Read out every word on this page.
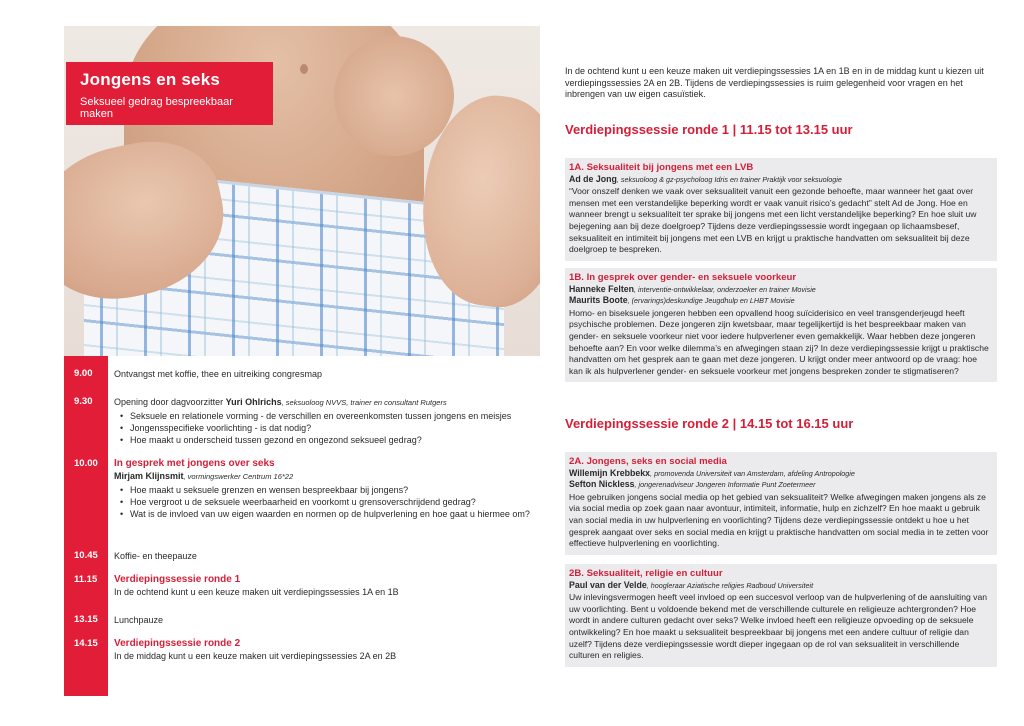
Jongens en seks

Seksueel gedrag bespreekbaar maken

9.00	Ontvangst met koffie, thee en uitreiking congresmap
9.30	Opening door dagvoorzitter Yuri Ohlrichs, seksuoloog NVVS, trainer en consultant Rutgers
• Seksuele en relationele vorming - de verschillen en overeenkomsten tussen jongens en meisjes
• Jongensspecifieke voorlichting - is dat nodig?
• Hoe maakt u onderscheid tussen gezond en ongezond seksueel gedrag?
10.00	In gesprek met jongens over seks
Mirjam Klijnsmit, vormingswerker Centrum 16*22
• Hoe maakt u seksuele grenzen en wensen bespreekbaar bij jongens?
• Hoe vergroot u de seksuele weerbaarheid en voorkomt u grensoverschrijdend gedrag?
• Wat is de invloed van uw eigen waarden en normen op de hulpverlening en hoe gaat u hiermee om?
10.45	Koffie- en theepauze
11.15	Verdiepingssessie ronde 1
In de ochtend kunt u een keuze maken uit verdiepingssessies 1A en 1B
13.15	Lunchpauze
14.15	Verdiepingssessie ronde 2
In de middag kunt u een keuze maken uit verdiepingssessies 2A en 2B

In de ochtend kunt u een keuze maken uit verdiepingssessies 1A en 1B en in de middag kunt u kiezen uit verdiepingssessies 2A en 2B. Tijdens de verdiepingssessies is ruim gelegenheid voor vragen en het inbrengen van uw eigen casuïstiek.

Verdiepingssessie ronde 1 | 11.15 tot 13.15 uur
1A. Seksualiteit bij jongens met een LVB
Ad de Jong, seksuoloog & gz-psycholoog Idris en trainer Praktijk voor seksuologie
“Voor onszelf denken we vaak over seksualiteit vanuit een gezonde behoefte, maar wanneer het gaat over mensen met een verstandelijke beperking wordt er vaak vanuit risico’s gedacht” stelt Ad de Jong. Hoe en wanneer brengt u seksualiteit ter sprake bij jongens met een licht verstandelijke beperking? En hoe sluit uw bejegening aan bij deze doelgroep? Tijdens deze verdiepingssessie wordt ingegaan op lichaamsbesef, seksualiteit en intimiteit bij jongens met een LVB en krijgt u praktische handvatten om seksualiteit bij deze doelgroep te bespreken.
1B. In gesprek over gender- en seksuele voorkeur
Hanneke Felten, interventie-ontwikkelaar, onderzoeker en trainer Movisie
Maurits Boote, (ervarings)deskundige Jeugdhulp en LHBT Movisie
Homo- en biseksuele jongeren hebben een opvallend hoog suïciderisico en veel transgenderjeugd heeft psychische problemen. Deze jongeren zijn kwetsbaar, maar tegelijkertijd is het bespreekbaar maken van gender- en seksuele voorkeur niet voor iedere hulpverlener even gemakkelijk. Waar hebben deze jongeren behoefte aan? En voor welke dilemma’s en afwegingen staan zij? In deze verdiepingssessie krijgt u praktische handvatten om het gesprek aan te gaan met deze jongeren. U krijgt onder meer antwoord op de vraag: hoe kan ik als hulpverlener gender- en seksuele voorkeur met jongens bespreken zonder te stigmatiseren?
Verdiepingssessie ronde 2 | 14.15 tot 16.15 uur
2A. Jongens, seks en social media
Willemijn Krebbekx, promovenda Universiteit van Amsterdam, afdeling Antropologie
Sefton Nickless, jongerenadviseur Jongeren Informatie Punt Zoetermeer
Hoe gebruiken jongens social media op het gebied van seksualiteit? Welke afwegingen maken jongens als ze via social media op zoek gaan naar avontuur, intimiteit, informatie, hulp en zichzelf? En hoe maakt u gebruik van social media in uw hulpverlening en voorlichting? Tijdens deze verdiepingssessie ontdekt u hoe u het gesprek aangaat over seks en social media en krijgt u praktische handvatten om social media in te zetten voor effectieve hulpverlening en voorlichting.
2B. Seksualiteit, religie en cultuur
Paul van der Velde, hoogleraar Aziatische religies Radboud Universiteit
Uw inlevingsvermogen heeft veel invloed op een succesvol verloop van de hulpverlening of de aansluiting van uw voorlichting. Bent u voldoende bekend met de verschillende culturele en religieuze achtergronden? Hoe wordt in andere culturen gedacht over seks? Welke invloed heeft een religieuze opvoeding op de seksuele ontwikkeling? En hoe maakt u seksualiteit bespreekbaar bij jongens met een andere cultuur of religie dan uzelf? Tijdens deze verdiepingssessie wordt dieper ingegaan op de rol van seksualiteit in verschillende culturen en religies.
